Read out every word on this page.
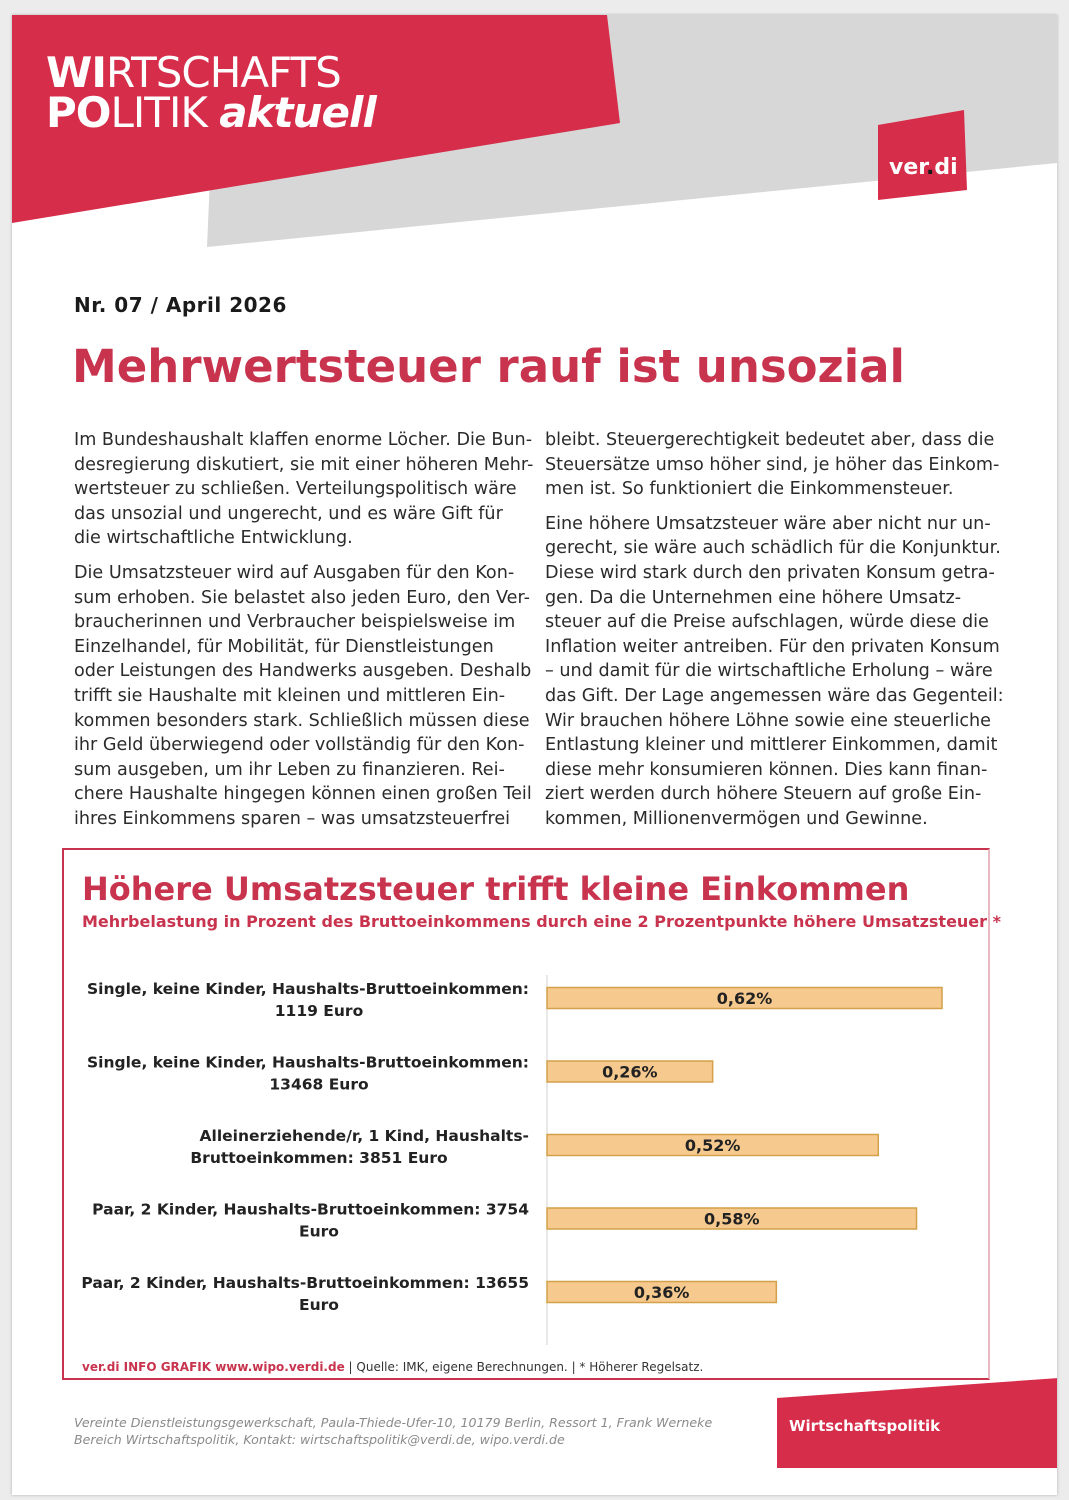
WIRTSCHAFTS
POLITIK aktuell
ver.di
Nr. 07 / April 2026
Mehrwertsteuer rauf ist unsozial

Im Bundeshaushalt klaffen enorme Löcher. Die Bun-
desregierung diskutiert, sie mit einer höheren Mehr-
wertsteuer zu schließen. Verteilungspolitisch wäre
das unsozial und ungerecht, und es wäre Gift für
die wirtschaftliche Entwicklung.

Die Umsatzsteuer wird auf Ausgaben für den Kon-
sum erhoben. Sie belastet also jeden Euro, den Ver-
braucherinnen und Verbraucher beispielsweise im
Einzelhandel, für Mobilität, für Dienstleistungen
oder Leistungen des Handwerks ausgeben. Deshalb
trifft sie Haushalte mit kleinen und mittleren Ein-
kommen besonders stark. Schließlich müssen diese
ihr Geld überwiegend oder vollständig für den Kon-
sum ausgeben, um ihr Leben zu finanzieren. Rei-
chere Haushalte hingegen können einen großen Teil
ihres Einkommens sparen – was umsatzsteuerfrei

bleibt. Steuergerechtigkeit bedeutet aber, dass die
Steuersätze umso höher sind, je höher das Einkom-
men ist. So funktioniert die Einkommensteuer.

Eine höhere Umsatzsteuer wäre aber nicht nur un-
gerecht, sie wäre auch schädlich für die Konjunktur.
Diese wird stark durch den privaten Konsum getra-
gen. Da die Unternehmen eine höhere Umsatz-
steuer auf die Preise aufschlagen, würde diese die
Inflation weiter antreiben. Für den privaten Konsum
– und damit für die wirtschaftliche Erholung – wäre
das Gift. Der Lage angemessen wäre das Gegenteil:
Wir brauchen höhere Löhne sowie eine steuerliche
Entlastung kleiner und mittlerer Einkommen, damit
diese mehr konsumieren können. Dies kann finan-
ziert werden durch höhere Steuern auf große Ein-
kommen, Millionenvermögen und Gewinne.

Höhere Umsatzsteuer trifft kleine Einkommen
Mehrbelastung in Prozent des Bruttoeinkommens durch eine 2 Prozentpunkte höhere Umsatzsteuer *
0,62%
Single, keine Kinder, Haushalts-Bruttoeinkommen:
1119 Euro
0,26%
Single, keine Kinder, Haushalts-Bruttoeinkommen:
13468 Euro
0,52%
Alleinerziehende/r, 1 Kind, Haushalts-
Bruttoeinkommen: 3851 Euro
0,58%
Paar, 2 Kinder, Haushalts-Bruttoeinkommen: 3754
Euro
0,36%
Paar, 2 Kinder, Haushalts-Bruttoeinkommen: 13655
Euro
ver.di INFO GRAFIK www.wipo.verdi.de | Quelle: IMK, eigene Berechnungen. | * Höherer Regelsatz.
Wirtschaftspolitik
Vereinte Dienstleistungsgewerkschaft, Paula-Thiede-Ufer-10, 10179 Berlin, Ressort 1, Frank Werneke
Bereich Wirtschaftspolitik, Kontakt: wirtschaftspolitik@verdi.de, wipo.verdi.de
